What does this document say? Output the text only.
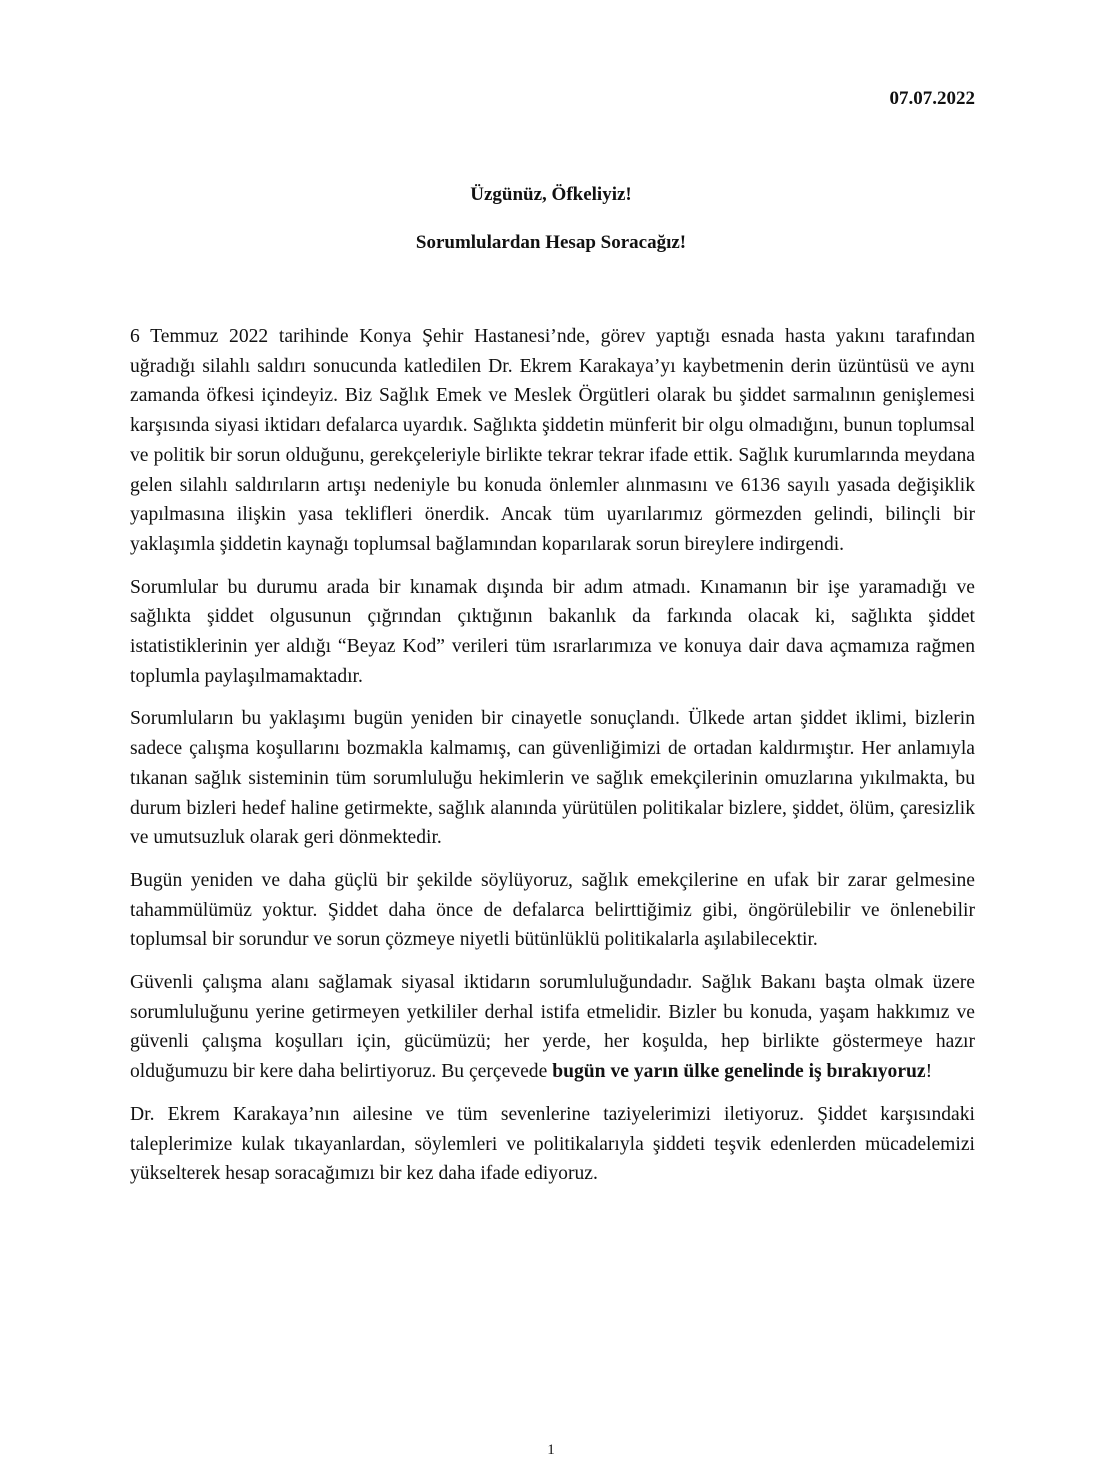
07.07.2022

Üzgünüz, Öfkeliyiz!

Sorumlulardan Hesap Soracağız!

6 Temmuz 2022 tarihinde Konya Şehir Hastanesi’nde, görev yaptığı esnada hasta yakını tarafından uğradığı silahlı saldırı sonucunda katledilen Dr. Ekrem Karakaya’yı kaybetmenin derin üzüntüsü ve aynı zamanda öfkesi içindeyiz. Biz Sağlık Emek ve Meslek Örgütleri olarak bu şiddet sarmalının genişlemesi karşısında siyasi iktidarı defalarca uyardık. Sağlıkta şiddetin münferit bir olgu olmadığını, bunun toplumsal ve politik bir sorun olduğunu, gerekçeleriyle birlikte tekrar tekrar ifade ettik. Sağlık kurumlarında meydana gelen silahlı saldırıların artışı nedeniyle bu konuda önlemler alınmasını ve 6136 sayılı yasada değişiklik yapılmasına ilişkin yasa teklifleri önerdik. Ancak tüm uyarılarımız görmezden gelindi, bilinçli bir yaklaşımla şiddetin kaynağı toplumsal bağlamından koparılarak sorun bireylere indirgendi.

Sorumlular bu durumu arada bir kınamak dışında bir adım atmadı. Kınamanın bir işe yaramadığı ve sağlıkta şiddet olgusunun çığrından çıktığının bakanlık da farkında olacak ki, sağlıkta şiddet istatistiklerinin yer aldığı “Beyaz Kod” verileri tüm ısrarlarımıza ve konuya dair dava açmamıza rağmen toplumla paylaşılmamaktadır.

Sorumluların bu yaklaşımı bugün yeniden bir cinayetle sonuçlandı. Ülkede artan şiddet iklimi, bizlerin sadece çalışma koşullarını bozmakla kalmamış, can güvenliğimizi de ortadan kaldırmıştır. Her anlamıyla tıkanan sağlık sisteminin tüm sorumluluğu hekimlerin ve sağlık emekçilerinin omuzlarına yıkılmakta, bu durum bizleri hedef haline getirmekte, sağlık alanında yürütülen politikalar bizlere, şiddet, ölüm, çaresizlik ve umutsuzluk olarak geri dönmektedir.

Bugün yeniden ve daha güçlü bir şekilde söylüyoruz, sağlık emekçilerine en ufak bir zarar gelmesine tahammülümüz yoktur. Şiddet daha önce de defalarca belirttiğimiz gibi, öngörülebilir ve önlenebilir toplumsal bir sorundur ve sorun çözmeye niyetli bütünlüklü politikalarla aşılabilecektir.

Güvenli çalışma alanı sağlamak siyasal iktidarın sorumluluğundadır. Sağlık Bakanı başta olmak üzere sorumluluğunu yerine getirmeyen yetkililer derhal istifa etmelidir. Bizler bu konuda, yaşam hakkımız ve güvenli çalışma koşulları için, gücümüzü; her yerde, her koşulda, hep birlikte göstermeye hazır olduğumuzu bir kere daha belirtiyoruz. Bu çerçevede bugün ve yarın ülke genelinde iş bırakıyoruz!

Dr. Ekrem Karakaya’nın ailesine ve tüm sevenlerine taziyelerimizi iletiyoruz. Şiddet karşısındaki taleplerimize kulak tıkayanlardan, söylemleri ve politikalarıyla şiddeti teşvik edenlerden mücadelemizi yükselterek hesap soracağımızı bir kez daha ifade ediyoruz.

1
